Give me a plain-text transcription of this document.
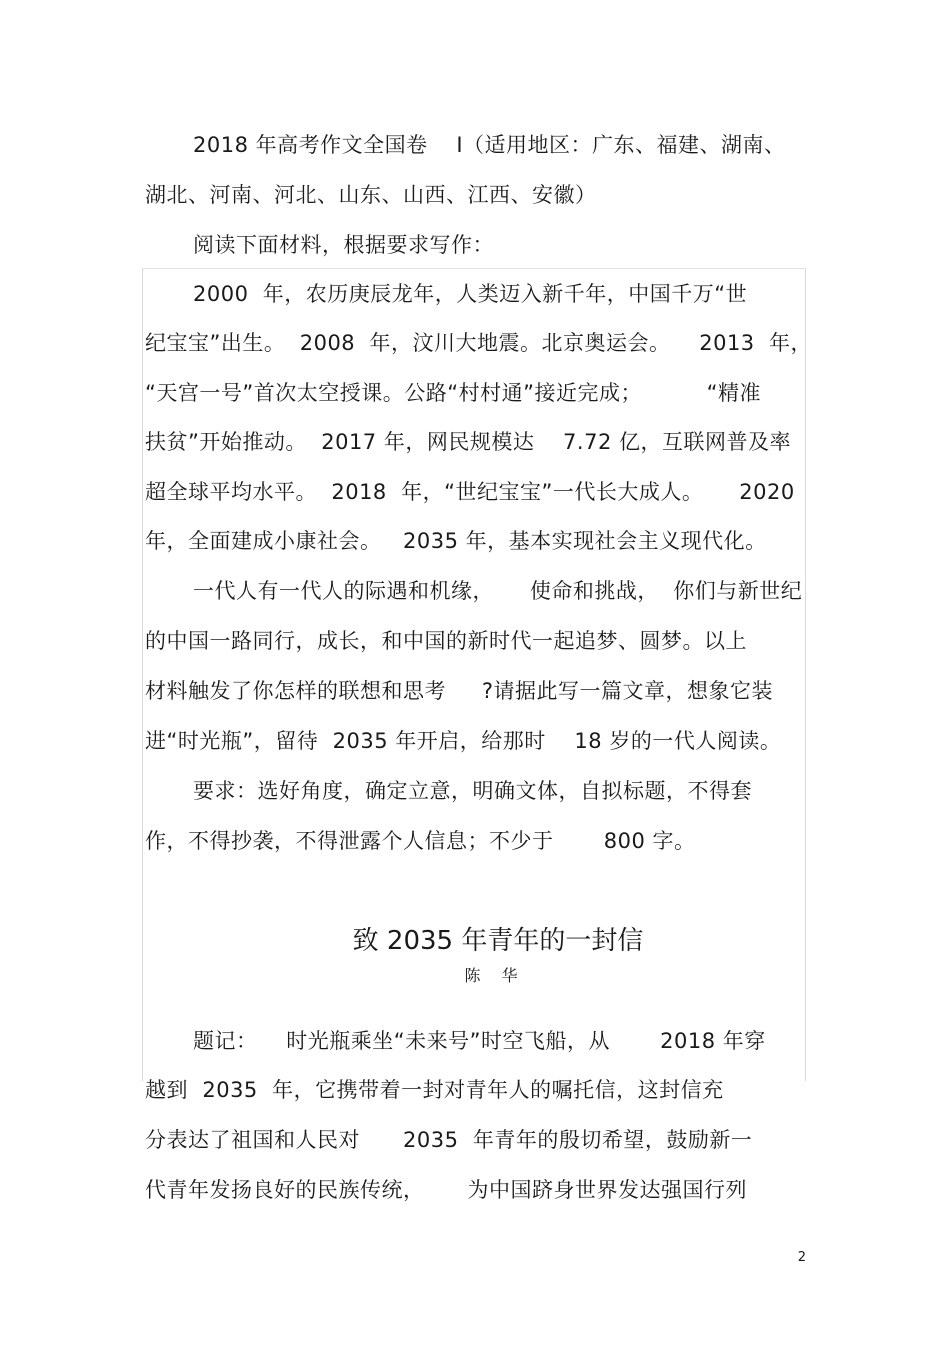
2018 年高考作文全国卷    I（适用地区：广东、福建、湖南、
湖北、河南、河北、山东、山西、江西、安徽）
阅读下面材料，根据要求写作：
2000  年，农历庚辰龙年，人类迈入新千年，中国千万“世
纪宝宝”出生。  2008  年，汶川大地震。北京奥运会。    2013  年，
“天宫一号”首次太空授课。公路“村村通”接近完成；         “精准
扶贫”开始推动。  2017 年，网民规模达    7.72 亿，互联网普及率
超全球平均水平。  2018  年，“世纪宝宝”一代长大成人。     2020
年，全面建成小康社会。   2035 年，基本实现社会主义现代化。
一代人有一代人的际遇和机缘，     使命和挑战，  你们与新世纪
的中国一路同行，成长，和中国的新时代一起追梦、圆梦。以上
材料触发了你怎样的联想和思考     ?请据此写一篇文章，想象它装
进“时光瓶”，留待  2035 年开启，给那时    18 岁的一代人阅读。
要求：选好角度，确定立意，明确文体，自拟标题，不得套
作，不得抄袭，不得泄露个人信息；不少于       800 字。
致 2035 年青年的一封信
陈 华
题记：    时光瓶乘坐“未来号”时空飞船，从       2018 年穿
越到  2035  年，它携带着一封对青年人的嘱托信，这封信充
分表达了祖国和人民对      2035  年青年的殷切希望，鼓励新一
代青年发扬良好的民族传统，      为中国跻身世界发达强国行列
2
